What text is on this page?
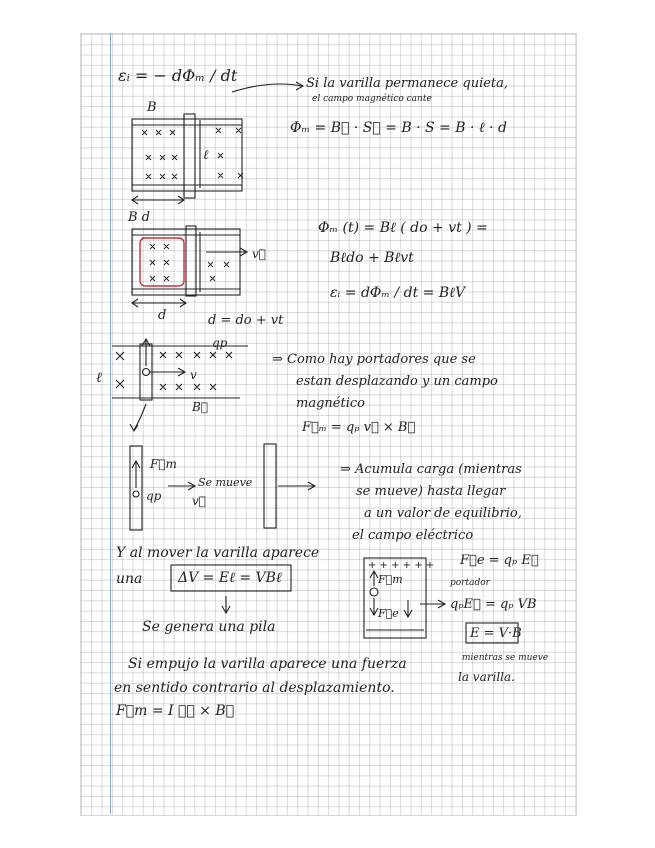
εᵢ = − dΦₘ / dt	Si la varilla permanece quieta,
el campo magnético cante
Φₘ = B⃗ · S⃗ = B · S = B · ℓ · d
B
ℓ
B d
v⃗
d	d = do + vt
Φₘ (t) = Bℓ ( do + vt ) =
Bℓdo + Bℓvt
εᵢ = dΦₘ / dt = BℓV
qp
v
B⃗
ℓ
⇒ Como hay portadores que se
estan desplazando y un campo
magnético
F⃗ₘ = qₚ v⃗ × B⃗
F⃗m
qp
Se mueve
v⃗
⇒ Acumula carga (mientras
se mueve) hasta llegar
a un valor de equilibrio,
el campo eléctrico
Y al mover la varilla aparece
una	ΔV = Eℓ = VBℓ
Se genera una pila
F⃗e = qₚ E⃗
portador
qₚE⃗ = qₚ VB
E = V·B
mientras se mueve
la varilla.
F⃗m
F⃗e
Si empujo la varilla aparece una fuerza
en sentido contrario al desplazamiento.
F⃗m = I ℓ⃗ × B⃗
+ + + + + +
